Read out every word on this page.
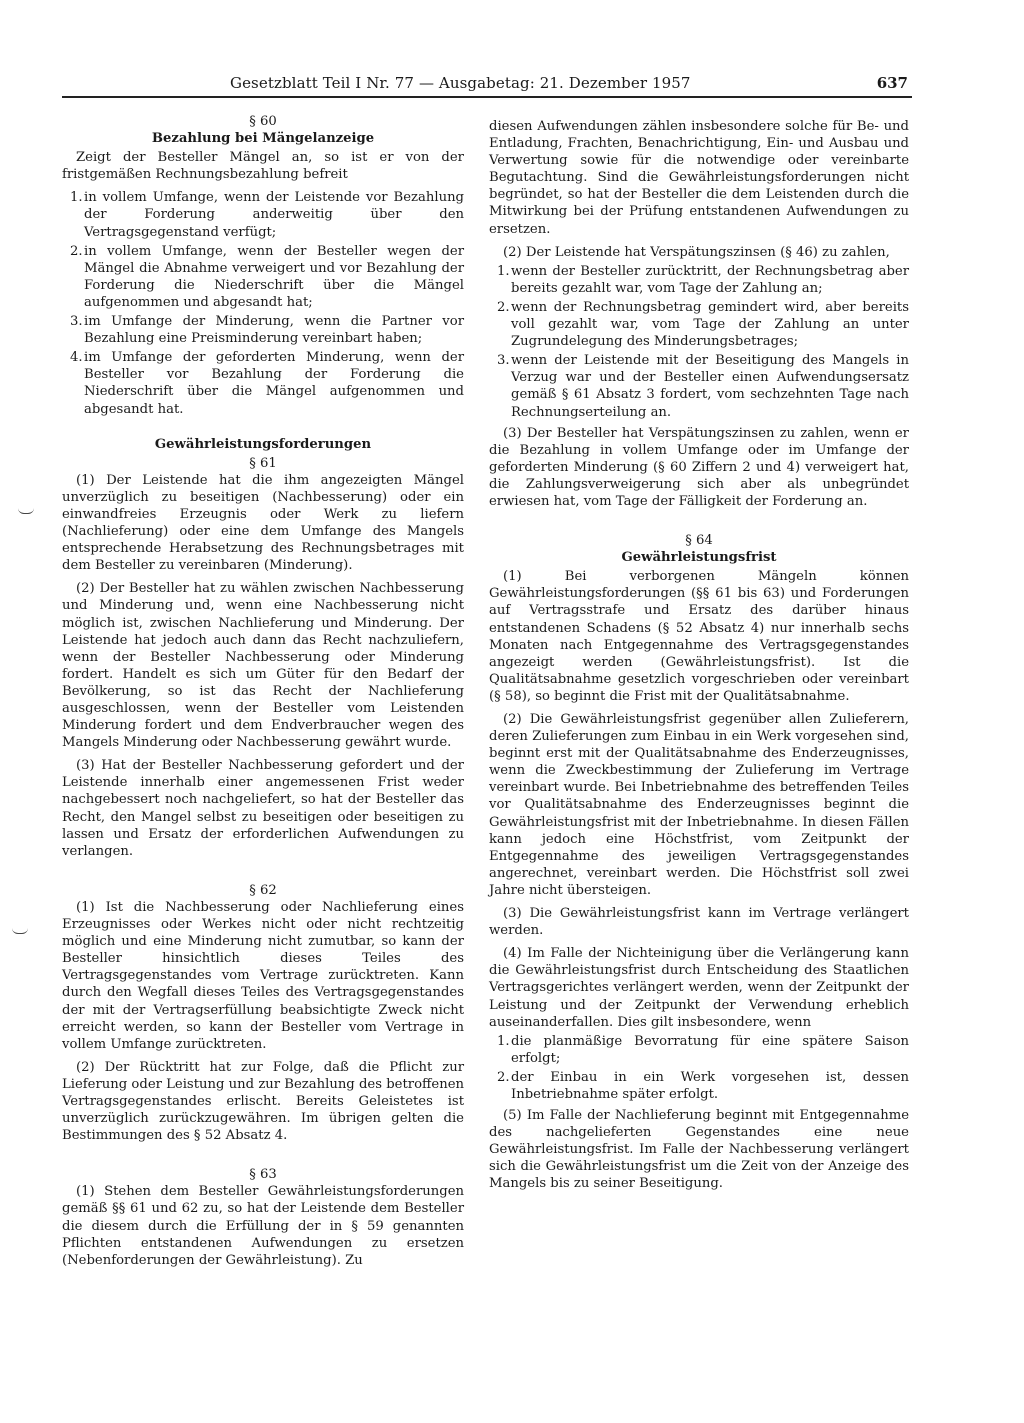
Gesetzblatt Teil I Nr. 77 — Ausgabetag: 21. Dezember 1957	637

§ 60

Bezahlung bei Mängelanzeige

Zeigt der Besteller Mängel an, so ist er von der fristgemäßen Rechnungsbezahlung befreit

1. in vollem Umfange, wenn der Leistende vor Bezahlung der Forderung anderweitig über den Vertragsgegenstand verfügt;
2. in vollem Umfange, wenn der Besteller wegen der Mängel die Abnahme verweigert und vor Bezahlung der Forderung die Niederschrift über die Mängel aufgenommen und abgesandt hat;
3. im Umfange der Minderung, wenn die Partner vor Bezahlung eine Preisminderung vereinbart haben;
4. im Umfange der geforderten Minderung, wenn der Besteller vor Bezahlung der Forderung die Niederschrift über die Mängel aufgenommen und abgesandt hat.

Gewährleistungsforderungen

§ 61

(1) Der Leistende hat die ihm angezeigten Mängel unverzüglich zu beseitigen (Nachbesserung) oder ein einwandfreies Erzeugnis oder Werk zu liefern (Nachlieferung) oder eine dem Umfange des Mangels entsprechende Herabsetzung des Rechnungsbetrages mit dem Besteller zu vereinbaren (Minderung).

(2) Der Besteller hat zu wählen zwischen Nachbesserung und Minderung und, wenn eine Nachbesserung nicht möglich ist, zwischen Nachlieferung und Minderung. Der Leistende hat jedoch auch dann das Recht nachzuliefern, wenn der Besteller Nachbesserung oder Minderung fordert. Handelt es sich um Güter für den Bedarf der Bevölkerung, so ist das Recht der Nachlieferung ausgeschlossen, wenn der Besteller vom Leistenden Minderung fordert und dem Endverbraucher wegen des Mangels Minderung oder Nachbesserung gewährt wurde.

(3) Hat der Besteller Nachbesserung gefordert und der Leistende innerhalb einer angemessenen Frist weder nachgebessert noch nachgeliefert, so hat der Besteller das Recht, den Mangel selbst zu beseitigen oder beseitigen zu lassen und Ersatz der erforderlichen Aufwendungen zu verlangen.

§ 62

(1) Ist die Nachbesserung oder Nachlieferung eines Erzeugnisses oder Werkes nicht oder nicht rechtzeitig möglich und eine Minderung nicht zumutbar, so kann der Besteller hinsichtlich dieses Teiles des Vertragsgegenstandes vom Vertrage zurücktreten. Kann durch den Wegfall dieses Teiles des Vertragsgegenstandes der mit der Vertragserfüllung beabsichtigte Zweck nicht erreicht werden, so kann der Besteller vom Vertrage in vollem Umfange zurücktreten.

(2) Der Rücktritt hat zur Folge, daß die Pflicht zur Lieferung oder Leistung und zur Bezahlung des betroffenen Vertragsgegenstandes erlischt. Bereits Geleistetes ist unverzüglich zurückzugewähren. Im übrigen gelten die Bestimmungen des § 52 Absatz 4.

§ 63

(1) Stehen dem Besteller Gewährleistungsforderungen gemäß §§ 61 und 62 zu, so hat der Leistende dem Besteller die diesem durch die Erfüllung der in § 59 genannten Pflichten entstandenen Aufwendungen zu ersetzen (Nebenforderungen der Gewährleistung). Zu

diesen Aufwendungen zählen insbesondere solche für Be- und Entladung, Frachten, Benachrichtigung, Ein- und Ausbau und Verwertung sowie für die notwendige oder vereinbarte Begutachtung. Sind die Gewährleistungsforderungen nicht begründet, so hat der Besteller die dem Leistenden durch die Mitwirkung bei der Prüfung entstandenen Aufwendungen zu ersetzen.

(2) Der Leistende hat Verspätungszinsen (§ 46) zu zahlen,

1. wenn der Besteller zurücktritt, der Rechnungsbetrag aber bereits gezahlt war, vom Tage der Zahlung an;
2. wenn der Rechnungsbetrag gemindert wird, aber bereits voll gezahlt war, vom Tage der Zahlung an unter Zugrundelegung des Minderungsbetrages;
3. wenn der Leistende mit der Beseitigung des Mangels in Verzug war und der Besteller einen Aufwendungsersatz gemäß § 61 Absatz 3 fordert, vom sechzehnten Tage nach Rechnungserteilung an.

(3) Der Besteller hat Verspätungszinsen zu zahlen, wenn er die Bezahlung in vollem Umfange oder im Umfange der geforderten Minderung (§ 60 Ziffern 2 und 4) verweigert hat, die Zahlungsverweigerung sich aber als unbegründet erwiesen hat, vom Tage der Fälligkeit der Forderung an.

§ 64

Gewährleistungsfrist

(1) Bei verborgenen Mängeln können Gewährleistungsforderungen (§§ 61 bis 63) und Forderungen auf Vertragsstrafe und Ersatz des darüber hinaus entstandenen Schadens (§ 52 Absatz 4) nur innerhalb sechs Monaten nach Entgegennahme des Vertragsgegenstandes angezeigt werden (Gewährleistungsfrist). Ist die Qualitätsabnahme gesetzlich vorgeschrieben oder vereinbart (§ 58), so beginnt die Frist mit der Qualitätsabnahme.

(2) Die Gewährleistungsfrist gegenüber allen Zulieferern, deren Zulieferungen zum Einbau in ein Werk vorgesehen sind, beginnt erst mit der Qualitätsabnahme des Enderzeugnisses, wenn die Zweckbestimmung der Zulieferung im Vertrage vereinbart wurde. Bei Inbetriebnahme des betreffenden Teiles vor Qualitätsabnahme des Enderzeugnisses beginnt die Gewährleistungsfrist mit der Inbetriebnahme. In diesen Fällen kann jedoch eine Höchstfrist, vom Zeitpunkt der Entgegennahme des jeweiligen Vertragsgegenstandes angerechnet, vereinbart werden. Die Höchstfrist soll zwei Jahre nicht übersteigen.

(3) Die Gewährleistungsfrist kann im Vertrage verlängert werden.

(4) Im Falle der Nichteinigung über die Verlängerung kann die Gewährleistungsfrist durch Entscheidung des Staatlichen Vertragsgerichtes verlängert werden, wenn der Zeitpunkt der Leistung und der Zeitpunkt der Verwendung erheblich auseinanderfallen. Dies gilt insbesondere, wenn

1. die planmäßige Bevorratung für eine spätere Saison erfolgt;
2. der Einbau in ein Werk vorgesehen ist, dessen Inbetriebnahme später erfolgt.

(5) Im Falle der Nachlieferung beginnt mit Entgegennahme des nachgelieferten Gegenstandes eine neue Gewährleistungsfrist. Im Falle der Nachbesserung verlängert sich die Gewährleistungsfrist um die Zeit von der Anzeige des Mangels bis zu seiner Beseitigung.
